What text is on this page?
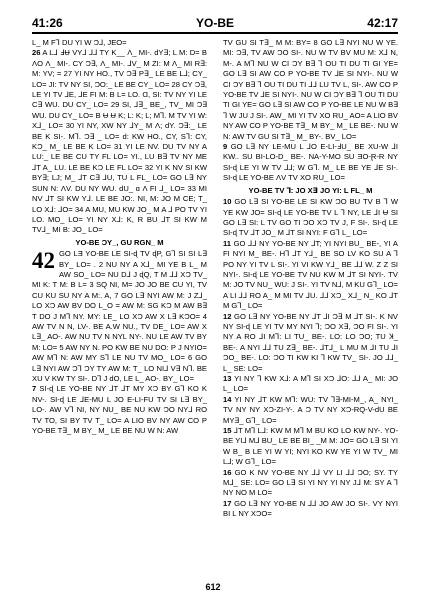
41:26	YO-BE	42:17

L_ M F⅂ DU YI W Ɔ⅃, JEO=

26 A L⅃ ℲɄ VY⅃ ⅃⅃ TY K__ Λ_ MI-. dY∃; L M: D= B ΛO Λ_ MI-. CY Ɔ∃, Λ_ MI-. ⅃V_ M ZI: M Λ_ MI R∃: M: YV; = 27 YI NY HO., TV Ɔ∃ P∃_ LE BE L⅃; CY_ LO= JI: TV NY SI, ƆO:_ LE BE CY_ LO= 28 CY Ɔ∃, LE YI TV ⅃E, ⅃E FI M: B L= LO. Ɑ, SI: TV NY YI LE C∃ WU. DU CY_ LO= 29 SI, ⅃∃_ BE_, TV_ MI Ɔ∃ WU. DU CY_ LO= B Ʉ Ʉ K; L: K; L; M⅂. M TV YI W: X⅃_ LO= 30 YI NY, XW NY ⅃Y_ M Λ; dY. Ɔ∃:_ LE BE K SI-. M⅂. Ɔ∃ _ LO= d: KW HO., CY, S⅂: CY, KƆ_ M_ LE BE K LO= 31 YI LE NV. DU TV NY A LU:_ LE BE CU TY FL LO= YI., LU B∃ TV NY ME ⅃T A_ LU. LE BE KƆ LE FL LO= 32 YI K NV SI KW BY∃; LJ; M_ ⅃T C∃ ⅃U, TU L FL_ LO= GO L∃ NY SUN N: ΛV. DU NY WU. dU_ ɑ Λ FI ⅃_ LO= 33 MI NV ⅃T SI KW Y⅃. LE BE JO:. NI, M: JO M CE; T_ LO X⅃: ⅃O= 34 A MU, MU KW JO_ M A ⅃ PO TV YI LO. MO_ LO= YI NY X⅃: K, R BU ⅃T SI KW M TV⅃_ MI B: JO_ LO=

YO-BE ƆY_, GU RGN_ M

42 GO LƎ YO-BE LE SI-ɖ TV ɖP, G⅂ SI SI L∃ BY_ LO= . 2 NU NY A X⅃_ MI YE B L_ M AW SO_ LO= NU D⅃ J ɖQ, T M ⅃⅃ XƆ TV_ MI K: T M: B L= 3 SQ NI, M= JO JO BE CU YI, TV CU KU SU NY A M:. A, 7 GO L∃ NYI AW M: J Z⅃_ LO XƆ AW BV DO L_O = AW M: SG KƆ M AW B∃ T DO J M⅂ NY. MY: LE_ LO XƆ AW X L∃ KƆO= 4 AW TV N N, LV-. BE A.W NU., TV DE_ LO= AW X L∃_ AO-. AW NU TV N NYL NY-. NU LE AW TV BY M: LO= 5 AW NY N. PO KW BE NU DO: P J NYIO= AW M⅂ N: AW MY S⅂ LE NU TV MO_ LO= 6 GO L∃ NYI AW Ɔ⅂ ƆY TY AW M: T_ LO NI⅃ V∃ N⅂. BE XU V KW TY SI-. D⅂ J dO, LE L_ AO-. BY_ LO=

7 SI-ɖ LE YO-BE NY ⅃T ⅃T MY XƆ BY G⅂ KO K NV-. SI-ɖ LE ⅃E-MU L JO E-LI-FU TV SI L∃ BY_ LO-. AW V⅂ NI, NY NU_ BE NU KW ƆO NY⅃ RO TV TO, SI BY TV T_ LO= A LIO BV NY AW CO P YO-BE T∃_ M BY_ M_ LE BE NU W N: AW

TV GU SI T∃_ M M: BY= 8 GO L∃ NYI NU W YE. MI: Ɔ∃, TV AW ƆO SI-. NU W TV BV MU M: X⅃ N, M-. A M⅂ NU W CI ƆY B∃ ⅂ OU TI DU TI GI YE= GO L∃ SI AW CO P YO-BE TV ⅃E SI NYI-. NU W CI ƆY B∃ ⅂ OU TI DU TI ⅃⅃ LU TV L, SI-. AW CO P YO-BE TV ⅃E SI NYI-. NU W CI ƆY B∃ ⅂ OU TI DU TI GI YE= GO L∃ SI AW CO P YO-BE LE NU W B∃ ⅂ W JU J SI-. AW_ MI YI TV XO RU_ AO= A LIO BV NY AW CO P YO-BE T∃_ M BY_ M_ LE BE-. NU W N: AW TV GU SI T∃_ M_ BY-. BV_ LO=

9 GO L∃ NY LE-MU L ⅃O E-LI-ℲU_ BE XU-W ⅃I KW.. SU BI-LO-D_ BE-. NA-Y-MO SU ƎO-Ɽ-R NY SI-ɖ LE YI W TV ⅃⅃; W G⅂. M_ LE BE YE ⅃E SI-. SI-ɖ LE YO-BE ɅV TV XO RU_ LO=

YO-BE TV ⅂: JO X∃ JO YI: L FL_ M

10 GO L∃ SI YO-BE LE SI KW ƆO BU TV B ⅂ W YE KW JO= SI-ɖ LE YO-BE TV L ⅂ NY, LE ⅃I Ʉ SI GO L∃ SI: L TV GO TI ƆO XƆ TV J, F SI-. SI-ɖ LE SI-ɖ TV ⅃T JO_ M ⅃T SI NYI: F G⅂ L_ LO=

11 GO ⅃⅃ NY YO-BE NY ⅃T; YI NYI BU_ BE-, YI A FI NYI M_ BE-. H⅂ ⅃T Y⅃_ BE SO LV KO SU A ⅂ PO NY YI TV L SI-. YI VI KW Y⅃_ BE ⅃⅃ W. Z Z SI NYI-. SI-ɖ LE YO-BE TV NU KW M ⅃T SI NYI-. TV M: JO TV NU_ WU: J SI-. YI TV N⅃, M KU G⅂_ LO= A LI ⅃⅃ RO A_ M MI TV ⅃U. ⅃⅃ XƆ_ X⅃_ N_ KO ⅃T M G⅂_ LO=

12 GO L∃ NY YO-BE NY ⅃T ⅃I Ɔ∃ M ⅃T SI-. K NV NY SI-ɖ LE YI TV MY NYI ⅂; ƆO X∃, ƆO FI SI-. YI NY A RO ⅃I M⅂: LI TU_ BE-. LO: LO ƆO; TU Ʞ_ BE-. A NYI ⅃⅃ TU Z∃_ BE-. ⅃T⅃_ L MU M ⅃I TU ⅃I ƆO_ BE-. LO: ƆO TI KW KI ⅂ KW TV_ SI-. JO ⅃⅃_ L_ SE: LO=

13 YI NY ⅂ KW X⅃: A M⅂ SI XƆ ⅃O: ⅃⅃ A_ MI: JO L_ LO=

14 YI NY ⅃T KW M⅂: WU: TV ⅂∃-MI-M_, A_ NYI_ TV NY NY XƆ-ZI-Y-. A Ɔ TV NY XƆ-RQ-V-dU BE MY∃_ G⅂_ LO=

15 ⅃T M⅂ L⅃: KW M M⅂ M BU KO LO KW NY-. YO-BE YI⅃ M⅃ BU_ LE BE BI_ _M M: JO= GO L∃ SI YI W B_ B LE YI W YI; NYI KO KW YE YI W TV_ MI L⅃; W G⅂_ LO=

16 GO K NV YO-BE NY ⅃⅃ VY LI ⅃⅃ ƆO; SY. TY M⅃_ SE: LO= GO L∃ SI YI NY YI NY J⅃ M: SY A ⅂ NY NO M LO=

17 GO L∃ NY YO-BE N ⅃⅃ JO AW JO SI-. VY NYI BI L NY XƆO=

612
